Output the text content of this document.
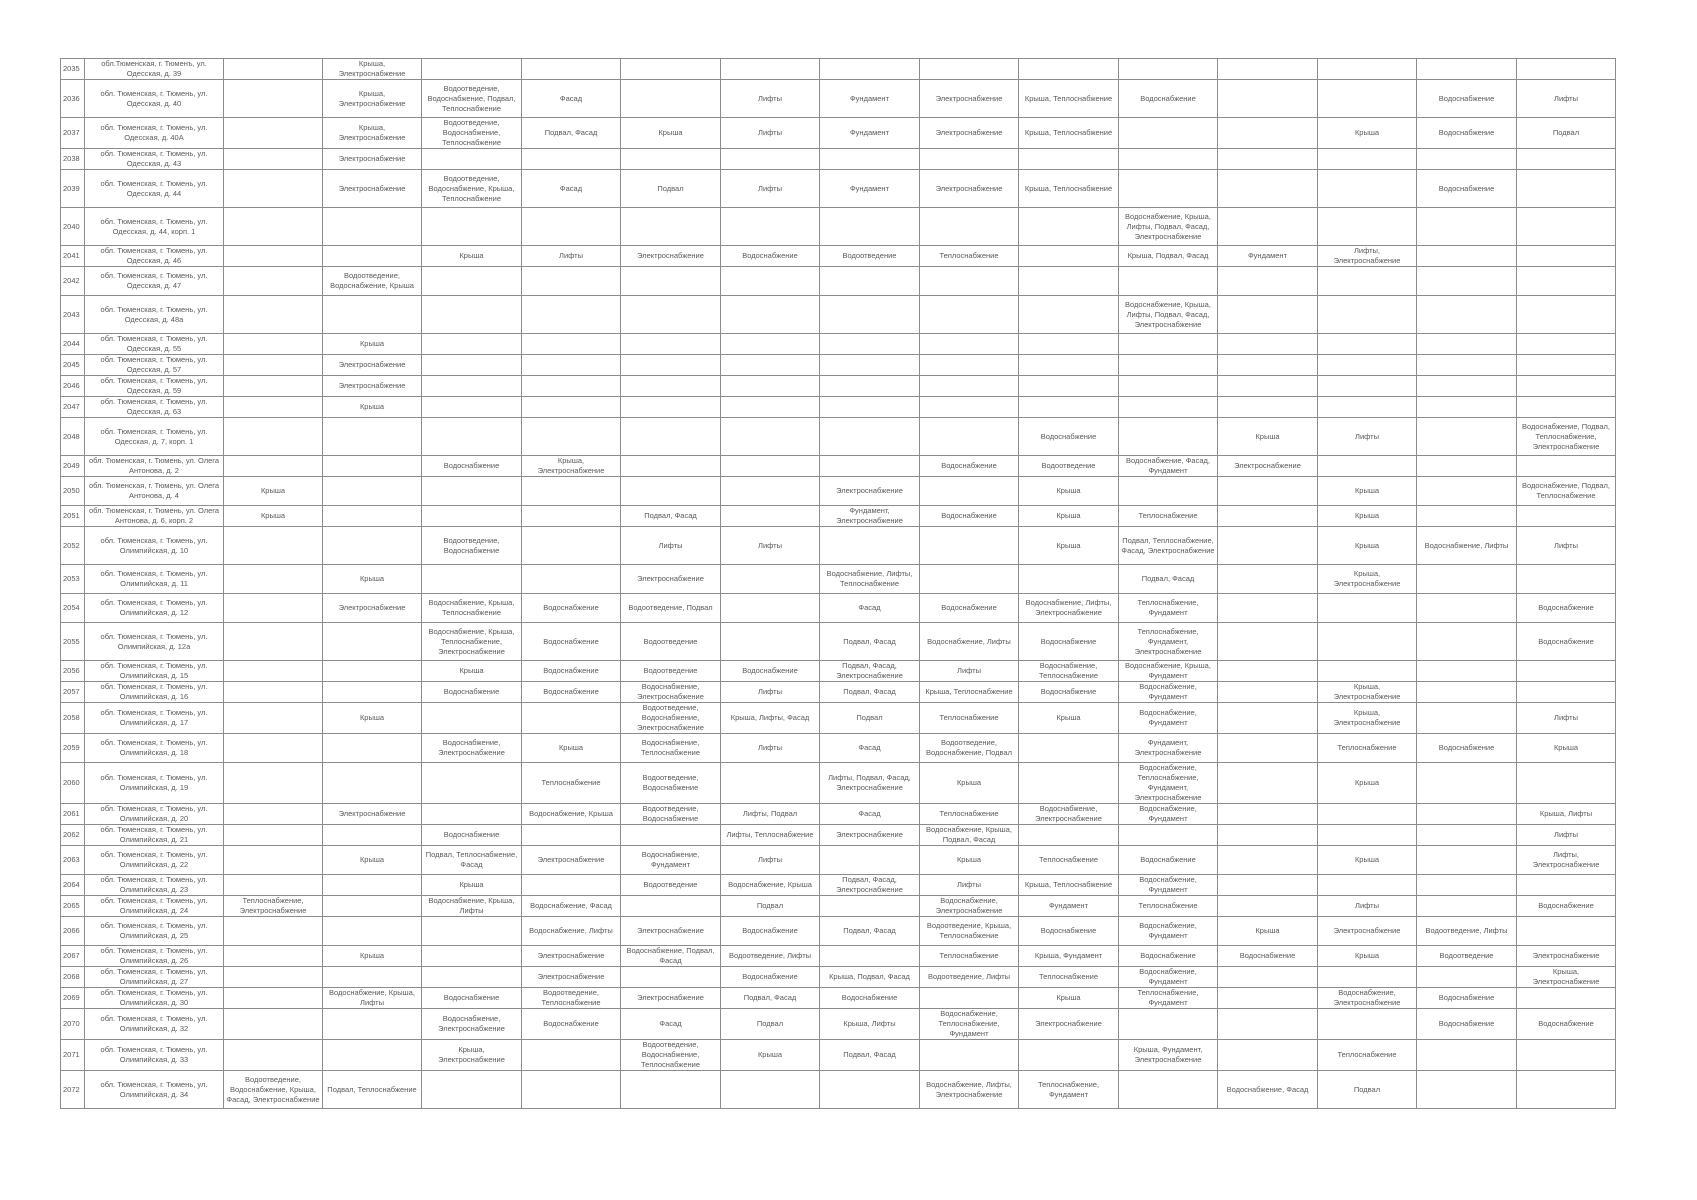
2035	обл.Тюменская, г. Тюменъ, ул.
Одесская, д. 39		Крыша,
Электроснабжение												
2036	обл. Тюменская, г. Тюмень, ул.
Одесская, д. 40		Крыша,
Электроснабжение	Водоотведение,
Водоснабжение, Подвал,
Теплоснабжение	Фасад		Лифты	Фундамент	Электроснабжение	Крыша, Теплоснабжение	Водоснабжение			Водоснабжение	Лифты
2037	обл. Тюменская, г. Тюмень, ул.
Одесская, д. 40А		Крыша,
Электроснабжение	Водоотведение,
Водоснабжение,
Теплоснабжение	Подвал, Фасад	Крыша	Лифты	Фундамент	Электроснабжение	Крыша, Теплоснабжение			Крыша	Водоснабжение	Подвал
2038	обл. Тюменская, г. Тюмень, ул.
Одесская, д. 43		Электроснабжение												
2039	обл. Тюменская, г. Тюмень, ул.
Одесская, д. 44		Электроснабжение	Водоотведение,
Водоснабжение, Крыша,
Теплоснабжение	Фасад	Подвал	Лифты	Фундамент	Электроснабжение	Крыша, Теплоснабжение				Водоснабжение	
2040	обл. Тюменская, г. Тюмень, ул.
Одесская, д. 44, корп. 1										Водоснабжение, Крыша,
Лифты, Подвал, Фасад,
Электроснабжение				
2041	обл. Тюменская, г. Тюмень, ул.
Одесская, д. 46			Крыша	Лифты	Электроснабжение	Водоснабжение	Водоотведение	Теплоснабжение		Крыша, Подвал, Фасад	Фундамент	Лифты,
Электроснабжение		
2042	обл. Тюменская, г. Тюмень, ул.
Одесская, д. 47		Водоотведение,
Водоснабжение, Крыша												
2043	обл. Тюменская, г. Тюмень, ул.
Одесская, д. 48а										Водоснабжение, Крыша,
Лифты, Подвал, Фасад,
Электроснабжение				
2044	обл. Тюменская, г. Тюмень, ул.
Одесская, д. 55		Крыша												
2045	обл. Тюменская, г. Тюмень, ул.
Одесская, д. 57		Электроснабжение												
2046	обл. Тюменская, г. Тюмень, ул.
Одесская, д. 59		Электроснабжение												
2047	обл. Тюменская, г. Тюмень, ул.
Одесская, д. 63		Крыша												
2048	обл. Тюменская, г. Тюмень, ул.
Одесская, д. 7, корп. 1									Водоснабжение		Крыша	Лифты		Водоснабжение, Подвал,
Теплоснабжение,
Электроснабжение
2049	обл. Тюменская, г. Тюмень, ул. Олега
Антонова, д. 2			Водоснабжение	Крыша,
Электроснабжение				Водоснабжение	Водоотведение	Водоснабжение, Фасад,
Фундамент	Электроснабжение			
2050	обл. Тюменская, г. Тюмень, ул. Олега
Антонова, д. 4	Крыша						Электроснабжение		Крыша			Крыша		Водоснабжение, Подвал,
Теплоснабжение
2051	обл. Тюменская, г. Тюмень, ул. Олега
Антонова, д. 6, корп. 2	Крыша				Подвал, Фасад		Фундамент,
Электроснабжение	Водоснабжение	Крыша	Теплоснабжение		Крыша		
2052	обл. Тюменская, г. Тюмень, ул.
Олимпийская, д. 10			Водоотведение,
Водоснабжение		Лифты	Лифты			Крыша	Подвал, Теплоснабжение,
Фасад, Электроснабжение		Крыша	Водоснабжение, Лифты	Лифты
2053	обл. Тюменская, г. Тюмень, ул.
Олимпийская, д. 11		Крыша			Электроснабжение		Водоснабжение, Лифты,
Теплоснабжение			Подвал, Фасад		Крыша,
Электроснабжение		
2054	обл. Тюменская, г. Тюмень, ул.
Олимпийская, д. 12		Электроснабжение	Водоснабжение, Крыша,
Теплоснабжение	Водоснабжение	Водоотведение, Подвал		Фасад	Водоснабжение	Водоснабжение, Лифты,
Электроснабжение	Теплоснабжение,
Фундамент				Водоснабжение
2055	обл. Тюменская, г. Тюмень, ул.
Олимпийская, д. 12а			Водоснабжение, Крыша,
Теплоснабжение,
Электроснабжение	Водоснабжение	Водоотведение		Подвал, Фасад	Водоснабжение, Лифты	Водоснабжение	Теплоснабжение,
Фундамент,
Электроснабжение				Водоснабжение
2056	обл. Тюменская, г. Тюмень, ул.
Олимпийская, д. 15			Крыша	Водоснабжение	Водоотведение	Водоснабжение	Подвал, Фасад,
Электроснабжение	Лифты	Водоснабжение,
Теплоснабжение	Водоснабжение, Крыша,
Фундамент				
2057	обл. Тюменская, г. Тюмень, ул.
Олимпийская, д. 16			Водоснабжение	Водоснабжение	Водоснабжение,
Электроснабжение	Лифты	Подвал, Фасад	Крыша, Теплоснабжение	Водоснабжение	Водоснабжение,
Фундамент		Крыша,
Электроснабжение		
2058	обл. Тюменская, г. Тюмень, ул.
Олимпийская, д. 17		Крыша			Водоотведение,
Водоснабжение,
Электроснабжение	Крыша, Лифты, Фасад	Подвал	Теплоснабжение	Крыша	Водоснабжение,
Фундамент		Крыша,
Электроснабжение		Лифты
2059	обл. Тюменская, г. Тюмень, ул.
Олимпийская, д. 18			Водоснабжение,
Электроснабжение	Крыша	Водоснабжение,
Теплоснабжение	Лифты	Фасад	Водоотведение,
Водоснабжение, Подвал		Фундамент,
Электроснабжение		Теплоснабжение	Водоснабжение	Крыша
2060	обл. Тюменская, г. Тюмень, ул.
Олимпийская, д. 19				Теплоснабжение	Водоотведение,
Водоснабжение		Лифты, Подвал, Фасад,
Электроснабжение	Крыша		Водоснабжение,
Теплоснабжение,
Фундамент,
Электроснабжение		Крыша		
2061	обл. Тюменская, г. Тюмень, ул.
Олимпийская, д. 20		Электроснабжение		Водоснабжение, Крыша	Водоотведение,
Водоснабжение	Лифты, Подвал	Фасад	Теплоснабжение	Водоснабжение,
Электроснабжение	Водоснабжение,
Фундамент				Крыша, Лифты
2062	обл. Тюменская, г. Тюмень, ул.
Олимпийская, д. 21			Водоснабжение			Лифты, Теплоснабжение	Электроснабжение	Водоснабжение, Крыша,
Подвал, Фасад						Лифты
2063	обл. Тюменская, г. Тюмень, ул.
Олимпийская, д. 22		Крыша	Подвал, Теплоснабжение,
Фасад	Электроснабжение	Водоснабжение,
Фундамент	Лифты		Крыша	Теплоснабжение	Водоснабжение		Крыша		Лифты,
Электроснабжение
2064	обл. Тюменская, г. Тюмень, ул.
Олимпийская, д. 23			Крыша		Водоотведение	Водоснабжение, Крыша	Подвал, Фасад,
Электроснабжение	Лифты	Крыша, Теплоснабжение	Водоснабжение,
Фундамент				
2065	обл. Тюменская, г. Тюмень, ул.
Олимпийская, д. 24	Теплоснабжение,
Электроснабжение		Водоснабжение, Крыша,
Лифты	Водоснабжение, Фасад		Подвал		Водоснабжение,
Электроснабжение	Фундамент	Теплоснабжение		Лифты		Водоснабжение
2066	обл. Тюменская, г. Тюмень, ул.
Олимпийская, д. 25				Водоснабжение, Лифты	Электроснабжение	Водоснабжение	Подвал, Фасад	Водоотведение, Крыша,
Теплоснабжение	Водоснабжение	Водоснабжение,
Фундамент	Крыша	Электроснабжение	Водоотведение, Лифты	
2067	обл. Тюменская, г. Тюмень, ул.
Олимпийская, д. 26		Крыша		Электроснабжение	Водоснабжение, Подвал,
Фасад	Водоотведение, Лифты		Теплоснабжение	Крыша, Фундамент	Водоснабжение	Водоснабжение	Крыша	Водоотведение	Электроснабжение
2068	обл. Тюменская, г. Тюмень, ул.
Олимпийская, д. 27				Электроснабжение		Водоснабжение	Крыша, Подвал, Фасад	Водоотведение, Лифты	Теплоснабжение	Водоснабжение,
Фундамент				Крыша,
Электроснабжение
2069	обл. Тюменская, г. Тюмень, ул.
Олимпийская, д. 30		Водоснабжение, Крыша,
Лифты	Водоснабжение	Водоотведение,
Теплоснабжение	Электроснабжение	Подвал, Фасад	Водоснабжение		Крыша	Теплоснабжение,
Фундамент		Водоснабжение,
Электроснабжение	Водоснабжение	
2070	обл. Тюменская, г. Тюмень, ул.
Олимпийская, д. 32			Водоснабжение,
Электроснабжение	Водоснабжение	Фасад	Подвал	Крыша, Лифты	Водоснабжение,
Теплоснабжение,
Фундамент	Электроснабжение				Водоснабжение	Водоснабжение
2071	обл. Тюменская, г. Тюмень, ул.
Олимпийская, д. 33			Крыша,
Электроснабжение		Водоотведение,
Водоснабжение,
Теплоснабжение	Крыша	Подвал, Фасад			Крыша, Фундамент,
Электроснабжение		Теплоснабжение		
2072	обл. Тюменская, г. Тюмень, ул.
Олимпийская, д. 34	Водоотведение,
Водоснабжение, Крыша,
Фасад, Электроснабжение	Подвал, Теплоснабжение						Водоснабжение, Лифты,
Электроснабжение	Теплоснабжение,
Фундамент		Водоснабжение, Фасад	Подвал		
